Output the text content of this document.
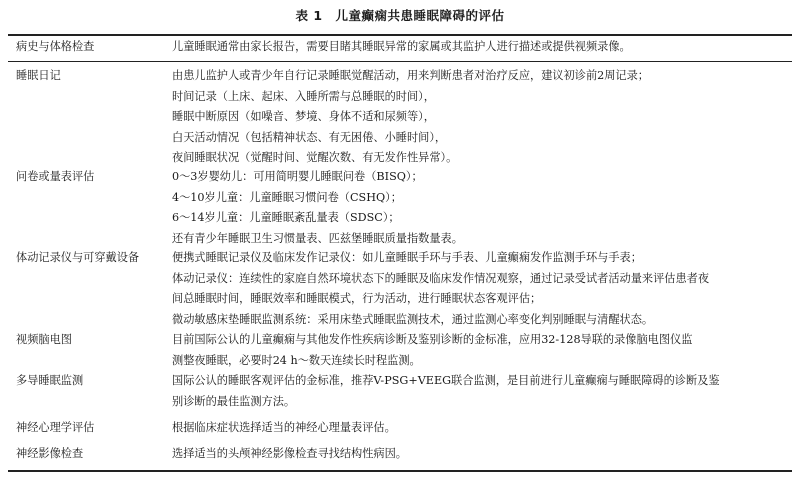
表 1　儿童癫痫共患睡眠障碍的评估
病史与体格检查	儿童睡眠通常由家长报告，需要目睹其睡眠异常的家属或其监护人进行描述或提供视频录像。
睡眠日记	由患儿监护人或青少年自行记录睡眠觉醒活动，用来判断患者对治疗反应，建议初诊前2周记录；
时间记录（上床、起床、入睡所需与总睡眠的时间），
睡眠中断原因（如噪音、梦境、身体不适和尿频等），
白天活动情况（包括精神状态、有无困倦、小睡时间），
夜间睡眠状况（觉醒时间、觉醒次数、有无发作性异常）。
问卷或量表评估	0～3岁婴幼儿：可用简明婴儿睡眠问卷（BISQ）；
4～10岁儿童：儿童睡眠习惯问卷（CSHQ）；
6～14岁儿童：儿童睡眠紊乱量表（SDSC）；
还有青少年睡眠卫生习惯量表、匹兹堡睡眠质量指数量表。
体动记录仪与可穿戴设备	便携式睡眠记录仪及临床发作记录仪：如儿童睡眠手环与手表、儿童癫痫发作监测手环与手表；
体动记录仪：连续性的家庭自然环境状态下的睡眠及临床发作情况观察，通过记录受试者活动量来评估患者夜
间总睡眠时间，睡眠效率和睡眠模式，行为活动，进行睡眠状态客观评估；
微动敏感床垫睡眠监测系统：采用床垫式睡眠监测技术，通过监测心率变化判别睡眠与清醒状态。
视频脑电图	目前国际公认的儿童癫痫与其他发作性疾病诊断及鉴别诊断的金标准，应用32-128导联的录像脑电图仪监
测整夜睡眠，必要时24 h～数天连续长时程监测。
多导睡眠监测	国际公认的睡眠客观评估的金标准，推荐V-PSG+VEEG联合监测，是目前进行儿童癫痫与睡眠障碍的诊断及鉴
别诊断的最佳监测方法。
神经心理学评估	根据临床症状选择适当的神经心理量表评估。
神经影像检查	选择适当的头颅神经影像检查寻找结构性病因。
